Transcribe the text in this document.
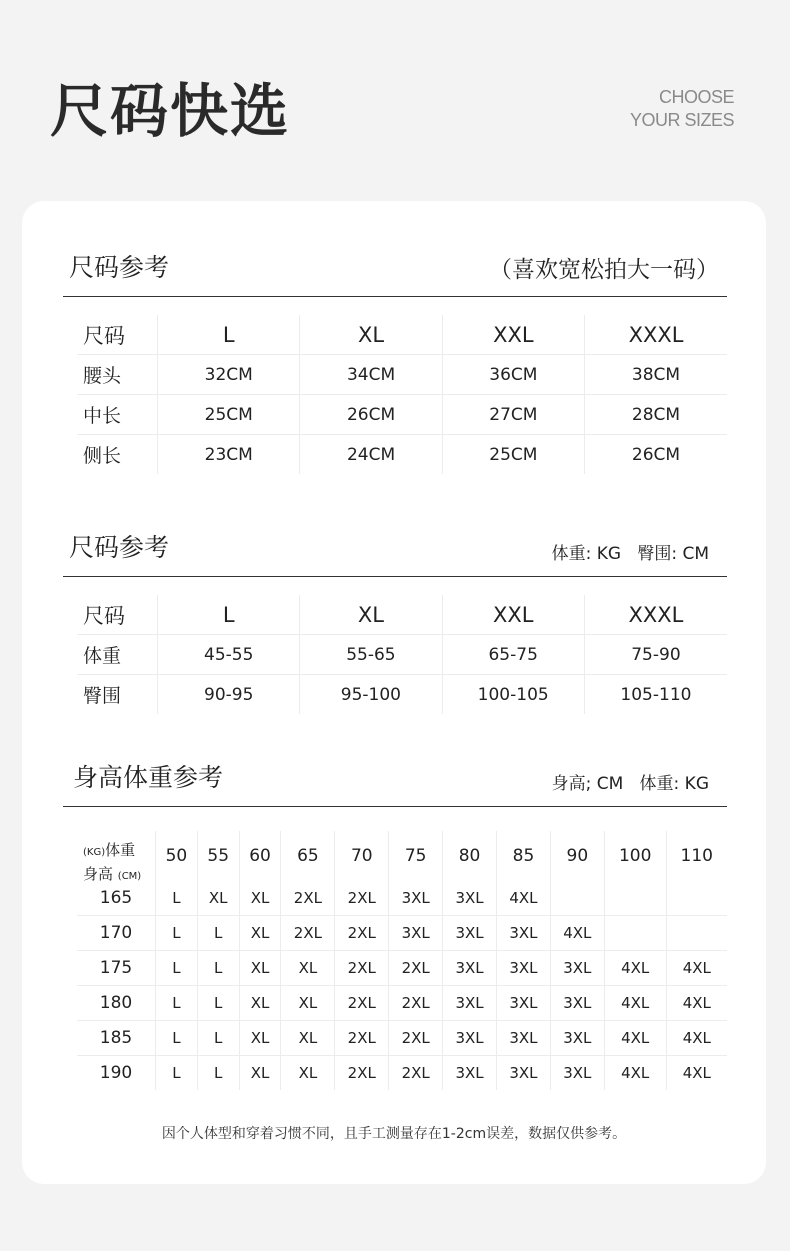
尺码快选	CHOOSE
YOUR SIZES
尺码参考	（喜欢宽松拍大一码）
尺码	L	XL	XXL	XXXL
腰头	32CM	34CM	36CM	38CM
中长	25CM	26CM	27CM	28CM
侧长	23CM	24CM	25CM	26CM
尺码参考	体重: KG   臀围: CM
尺码	L	XL	XXL	XXXL
体重	45-55	55-65	65-75	75-90
臀围	90-95	95-100	100-105	105-110
身高体重参考	身高; CM   体重: KG
(KG)体重
身高 (CM)	50	55	60	65	70	75	80	85	90	100	110
165	L	XL	XL	2XL	2XL	3XL	3XL	4XL			
170	L	L	XL	2XL	2XL	3XL	3XL	3XL	4XL		
175	L	L	XL	XL	2XL	2XL	3XL	3XL	3XL	4XL	4XL
180	L	L	XL	XL	2XL	2XL	3XL	3XL	3XL	4XL	4XL
185	L	L	XL	XL	2XL	2XL	3XL	3XL	3XL	4XL	4XL
190	L	L	XL	XL	2XL	2XL	3XL	3XL	3XL	4XL	4XL
因个人体型和穿着习惯不同，且手工测量存在1-2cm误差，数据仅供参考。
